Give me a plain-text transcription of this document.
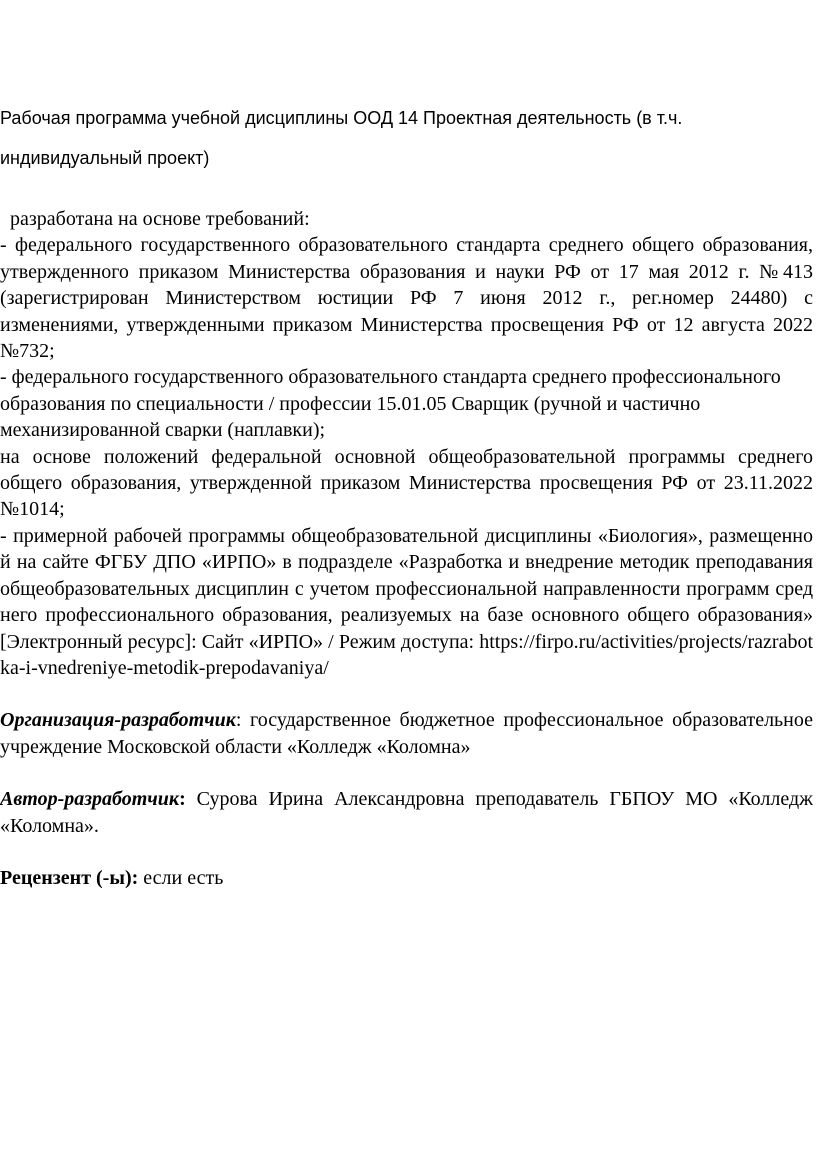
Рабочая программа учебной дисциплины ООД 14 Проектная деятельность (в т.ч. индивидуальный проект)

разработана на основе требований:

- федерального государственного образовательного стандарта среднего общего образования, утвержденного приказом Министерства образования и науки РФ от 17 мая 2012 г. №413 (зарегистрирован Министерством юстиции РФ 7 июня 2012 г., рег.номер 24480) с изменениями, утвержденными приказом Министерства просвещения РФ от 12 августа 2022 №732;

- федерального государственного образовательного стандарта среднего профессионального образования по специальности / профессии 15.01.05 Сварщик (ручной и частично механизированной сварки (наплавки);

на основе положений федеральной основной общеобразовательной программы среднего общего образования, утвержденной приказом Министерства просвещения РФ от 23.11.2022 №1014;

- примерной рабочей программы общеобразовательной дисциплины «Биология», размещенной на сайте ФГБУ ДПО «ИРПО» в подразделе «Разработка и внедрение методик преподавания общеобразовательных дисциплин с учетом профессиональной направленности программ среднего профессионального образования, реализуемых на базе основного общего образования» [Электронный ресурс]: Сайт «ИРПО» / Режим доступа: https://firpo.ru/activities/projects/razrabotka-i-vnedreniye-metodik-prepodavaniya/

Организация-разработчик: государственное бюджетное профессиональное образовательное учреждение Московской области «Колледж «Коломна»

Автор-разработчик: Сурова Ирина Александровна преподаватель ГБПОУ МО «Колледж «Коломна».

Рецензент (-ы): если есть
